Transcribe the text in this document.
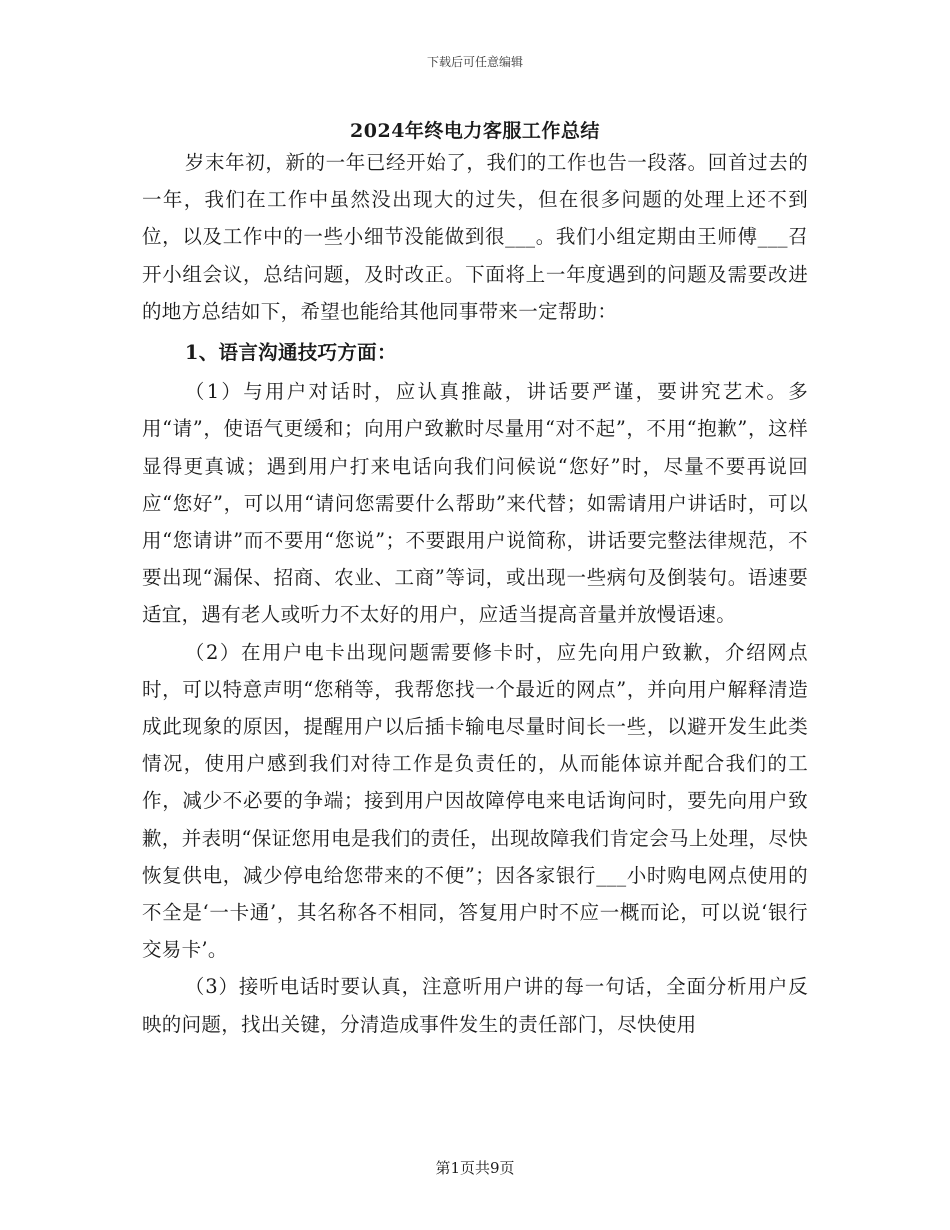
下载后可任意编辑
2024年终电力客服工作总结

岁末年初，新的一年已经开始了，我们的工作也告一段落。回首过去的一年，我们在工作中虽然没出现大的过失，但在很多问题的处理上还不到位，以及工作中的一些小细节没能做到很___。我们小组定期由王师傅___召开小组会议，总结问题，及时改正。下面将上一年度遇到的问题及需要改进的地方总结如下，希望也能给其他同事带来一定帮助：

1、语言沟通技巧方面：

（1）与用户对话时，应认真推敲，讲话要严谨，要讲究艺术。多用“请”，使语气更缓和；向用户致歉时尽量用“对不起”，不用“抱歉”，这样显得更真诚；遇到用户打来电话向我们问候说“您好”时，尽量不要再说回应“您好”，可以用“请问您需要什么帮助”来代替；如需请用户讲话时，可以用“您请讲”而不要用“您说”；不要跟用户说简称，讲话要完整法律规范，不要出现“漏保、招商、农业、工商”等词，或出现一些病句及倒装句。语速要适宜，遇有老人或听力不太好的用户，应适当提高音量并放慢语速。

（2）在用户电卡出现问题需要修卡时，应先向用户致歉，介绍网点时，可以特意声明“您稍等，我帮您找一个最近的网点”，并向用户解释清造成此现象的原因，提醒用户以后插卡输电尽量时间长一些，以避开发生此类情况，使用户感到我们对待工作是负责任的，从而能体谅并配合我们的工作，减少不必要的争端；接到用户因故障停电来电话询问时，要先向用户致歉，并表明“保证您用电是我们的责任，出现故障我们肯定会马上处理，尽快恢复供电，减少停电给您带来的不便”；因各家银行___小时购电网点使用的不全是‘一卡通’，其名称各不相同，答复用户时不应一概而论，可以说‘银行交易卡’。

（3）接听电话时要认真，注意听用户讲的每一句话，全面分析用户反映的问题，找出关键，分清造成事件发生的责任部门，尽快使用

第1页共9页
